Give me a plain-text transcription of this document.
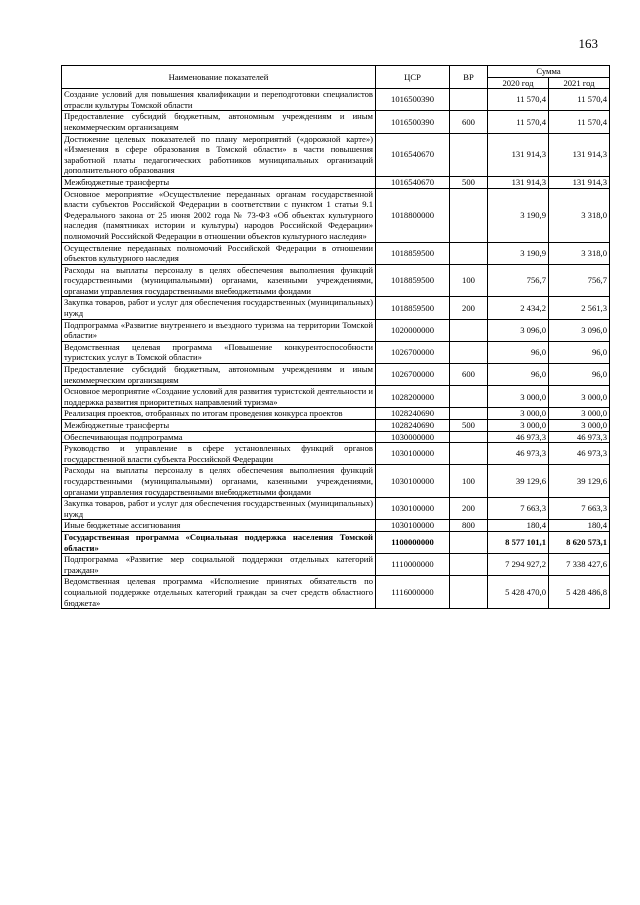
163
Наименование показателей	ЦСР	ВР	Сумма	
			2020 год	2021 год
Создание условий для повышения квалификации и переподготовки специалистов отрасли культуры Томской области	1016500390		11 570,4	11 570,4
Предоставление субсидий бюджетным, автономным учреждениям и иным некоммерческим организациям	1016500390	600	11 570,4	11 570,4
Достижение целевых показателей по плану мероприятий («дорожной карте») «Изменения в сфере образования в Томской области» в части повышения заработной платы педагогических работников муниципальных организаций дополнительного образования	1016540670		131 914,3	131 914,3
Межбюджетные трансферты	1016540670	500	131 914,3	131 914,3
Основное мероприятие «Осуществление переданных органам государственной власти субъектов Российской Федерации в соответствии с пунктом 1 статьи 9.1 Федерального закона от 25 июня 2002 года № 73-ФЗ «Об объектах культурного наследия (памятниках истории и культуры) народов Российской Федерации» полномочий Российской Федерации в отношении объектов культурного наследия»	1018800000		3 190,9	3 318,0
Осуществление переданных полномочий Российской Федерации в отношении объектов культурного наследия	1018859500		3 190,9	3 318,0
Расходы на выплаты персоналу в целях обеспечения выполнения функций государственными (муниципальными) органами, казенными учреждениями, органами управления государственными внебюджетными фондами	1018859500	100	756,7	756,7
Закупка товаров, работ и услуг для обеспечения государственных (муниципальных) нужд	1018859500	200	2 434,2	2 561,3
Подпрограмма «Развитие внутреннего и въездного туризма на территории Томской области»	1020000000		3 096,0	3 096,0
Ведомственная целевая программа «Повышение конкурентоспособности туристских услуг в Томской области»	1026700000		96,0	96,0
Предоставление субсидий бюджетным, автономным учреждениям и иным некоммерческим организациям	1026700000	600	96,0	96,0
Основное мероприятие «Создание условий для развития туристской деятельности и поддержка развития приоритетных направлений туризма»	1028200000		3 000,0	3 000,0
Реализация проектов, отобранных по итогам проведения конкурса проектов	1028240690		3 000,0	3 000,0
Межбюджетные трансферты	1028240690	500	3 000,0	3 000,0
Обеспечивающая подпрограмма	1030000000		46 973,3	46 973,3
Руководство и управление в сфере установленных функций органов государственной власти субъекта Российской Федерации	1030100000		46 973,3	46 973,3
Расходы на выплаты персоналу в целях обеспечения выполнения функций государственными (муниципальными) органами, казенными учреждениями, органами управления государственными внебюджетными фондами	1030100000	100	39 129,6	39 129,6
Закупка товаров, работ и услуг для обеспечения государственных (муниципальных) нужд	1030100000	200	7 663,3	7 663,3
Иные бюджетные ассигнования	1030100000	800	180,4	180,4
Государственная программа «Социальная поддержка населения Томской области»	1100000000		8 577 101,1	8 620 573,1
Подпрограмма «Развитие мер социальной поддержки отдельных категорий граждан»	1110000000		7 294 927,2	7 338 427,6
Ведомственная целевая программа «Исполнение принятых обязательств по социальной поддержке отдельных категорий граждан за счет средств областного бюджета»	1116000000		5 428 470,0	5 428 486,8
